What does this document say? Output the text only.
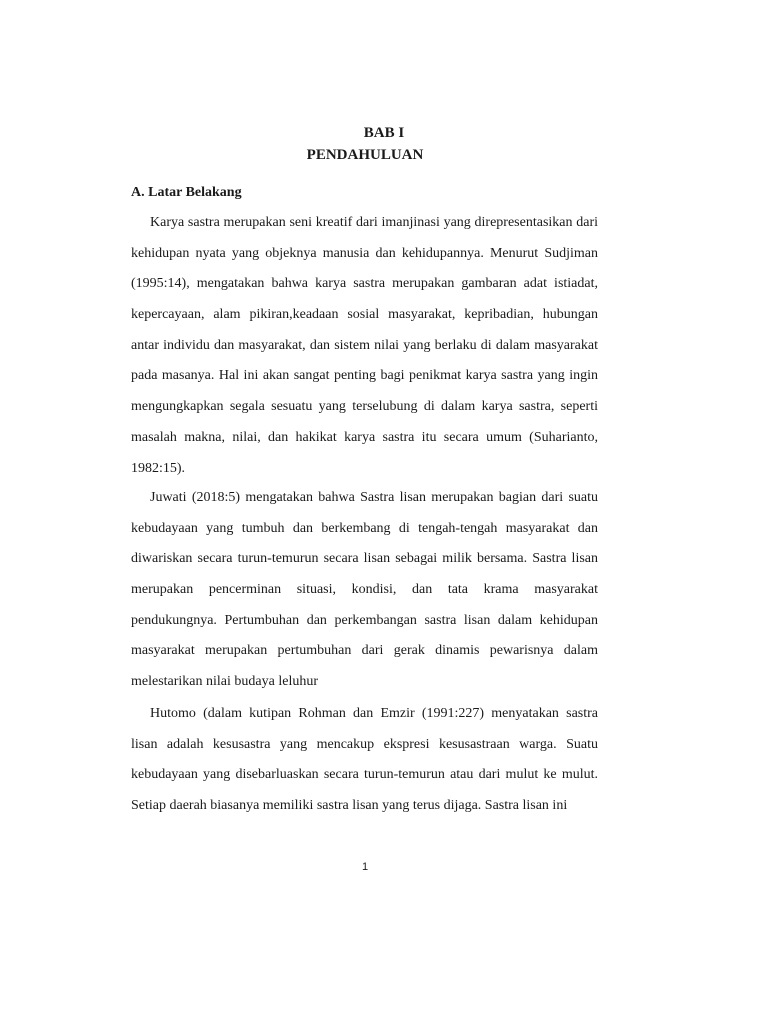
BAB I
PENDAHULUAN
A. Latar Belakang
Karya sastra merupakan seni kreatif dari imanjinasi yang direpresentasikan dari
kehidupan nyata yang objeknya manusia dan kehidupannya. Menurut Sudjiman
(1995:14), mengatakan bahwa karya sastra merupakan gambaran adat istiadat,
kepercayaan, alam pikiran,keadaan sosial masyarakat, kepribadian, hubungan
antar individu dan masyarakat, dan sistem nilai yang berlaku di dalam masyarakat
pada masanya. Hal ini akan sangat penting bagi penikmat karya sastra yang ingin
mengungkapkan segala sesuatu yang terselubung di dalam karya sastra, seperti
masalah makna, nilai, dan hakikat karya sastra itu secara umum (Suharianto,
1982:15).
Juwati (2018:5) mengatakan bahwa Sastra lisan merupakan bagian dari suatu
kebudayaan yang tumbuh dan berkembang di tengah-tengah masyarakat dan
diwariskan secara turun-temurun secara lisan sebagai milik bersama. Sastra lisan
merupakan pencerminan situasi, kondisi, dan tata krama masyarakat
pendukungnya. Pertumbuhan dan perkembangan sastra lisan dalam kehidupan
masyarakat merupakan pertumbuhan dari gerak dinamis pewarisnya dalam
melestarikan nilai budaya leluhur
Hutomo (dalam kutipan Rohman dan Emzir (1991:227) menyatakan sastra
lisan adalah kesusastra yang mencakup ekspresi kesusastraan warga. Suatu
kebudayaan yang disebarluaskan secara turun-temurun atau dari mulut ke mulut.
Setiap daerah biasanya memiliki sastra lisan yang terus dijaga. Sastra lisan ini
1
